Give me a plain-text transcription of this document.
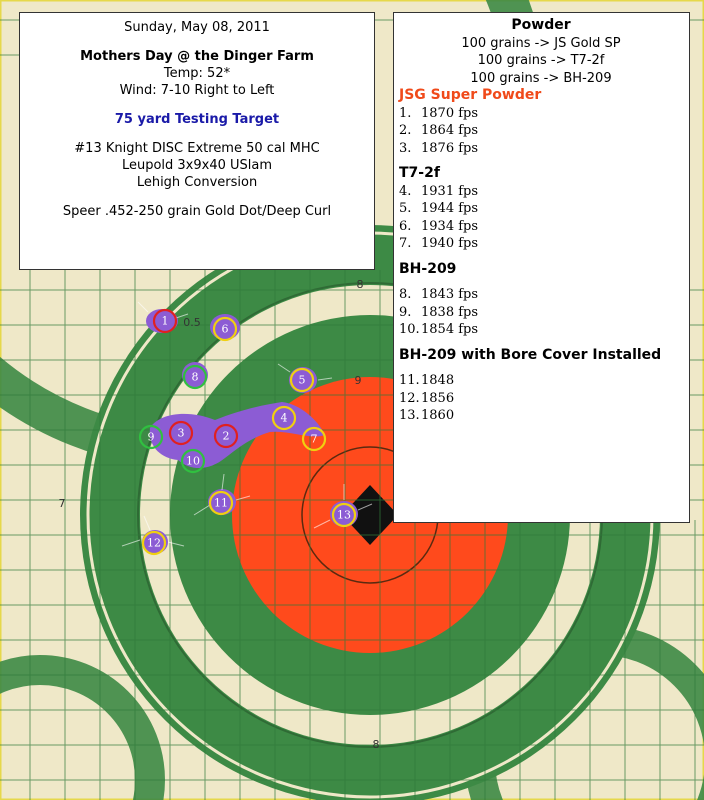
8
9
7
8
0.5
1
2
3
4
5
6
7
8
9
10
11
12
13
Sunday, May 08, 2011
Mothers Day @ the Dinger Farm
Temp: 52*
Wind: 7-10 Right to Left
75 yard Testing Target
#13 Knight DISC Extreme 50 cal MHC
Leupold 3x9x40 USlam
Lehigh Conversion
Speer .452-250 grain Gold Dot/Deep Curl
Powder
100 grains -> JS Gold SP
100 grains -> T7-2f
100 grains -> BH-209
JSG Super Powder
1. 1870 fps
2. 1864 fps
3. 1876 fps
T7-2f
4. 1931 fps
5. 1944 fps
6. 1934 fps
7. 1940 fps
BH-209
8. 1843 fps
9. 1838 fps
10.1854 fps
BH-209 with Bore Cover Installed
11.1848
12.1856
13.1860
